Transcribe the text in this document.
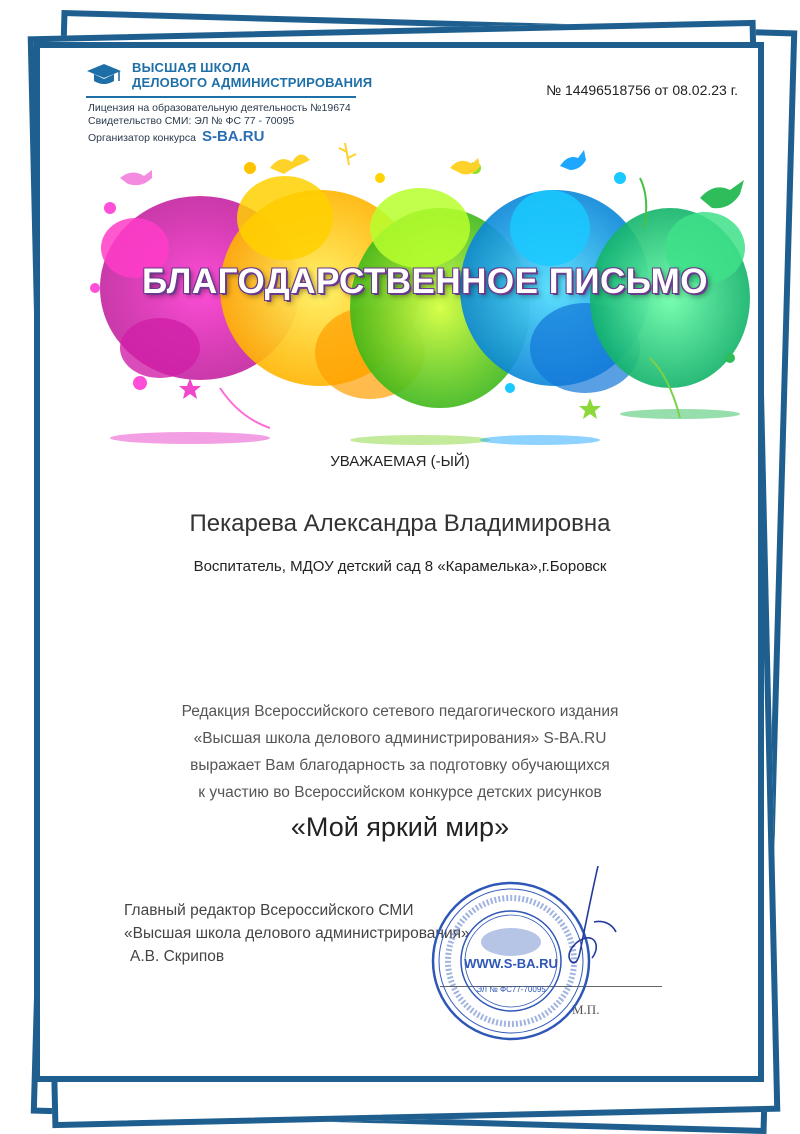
ВЫСШАЯ ШКОЛА
ДЕЛОВОГО АДМИНИСТРИРОВАНИЯ
Лицензия на образовательную деятельность №19674
Свидетельство СМИ: ЭЛ № ФС 77 - 70095
Организатор конкурса S-BA.RU
№ 14496518756 от 08.02.23 г.
БЛАГОДАРСТВЕННОЕ ПИСЬМО
УВАЖАЕМАЯ (-ЫЙ)
Пекарева Александра Владимировна
Воспитатель, МДОУ детский сад 8 «Карамелька»,г.Боровск
Редакция Всероссийского сетевого педагогического издания
«Высшая школа делового администрирования» S-BA.RU
выражает Вам благодарность за подготовку обучающихся
к участию во Всероссийском конкурсе детских рисунков
«Мой яркий мир»
Главный редактор Всероссийского СМИ
«Высшая школа делового администрирования»
А.В. Скрипов
М.П.
WWW.S-BA.RU
ЭЛ № ФС77-70095
